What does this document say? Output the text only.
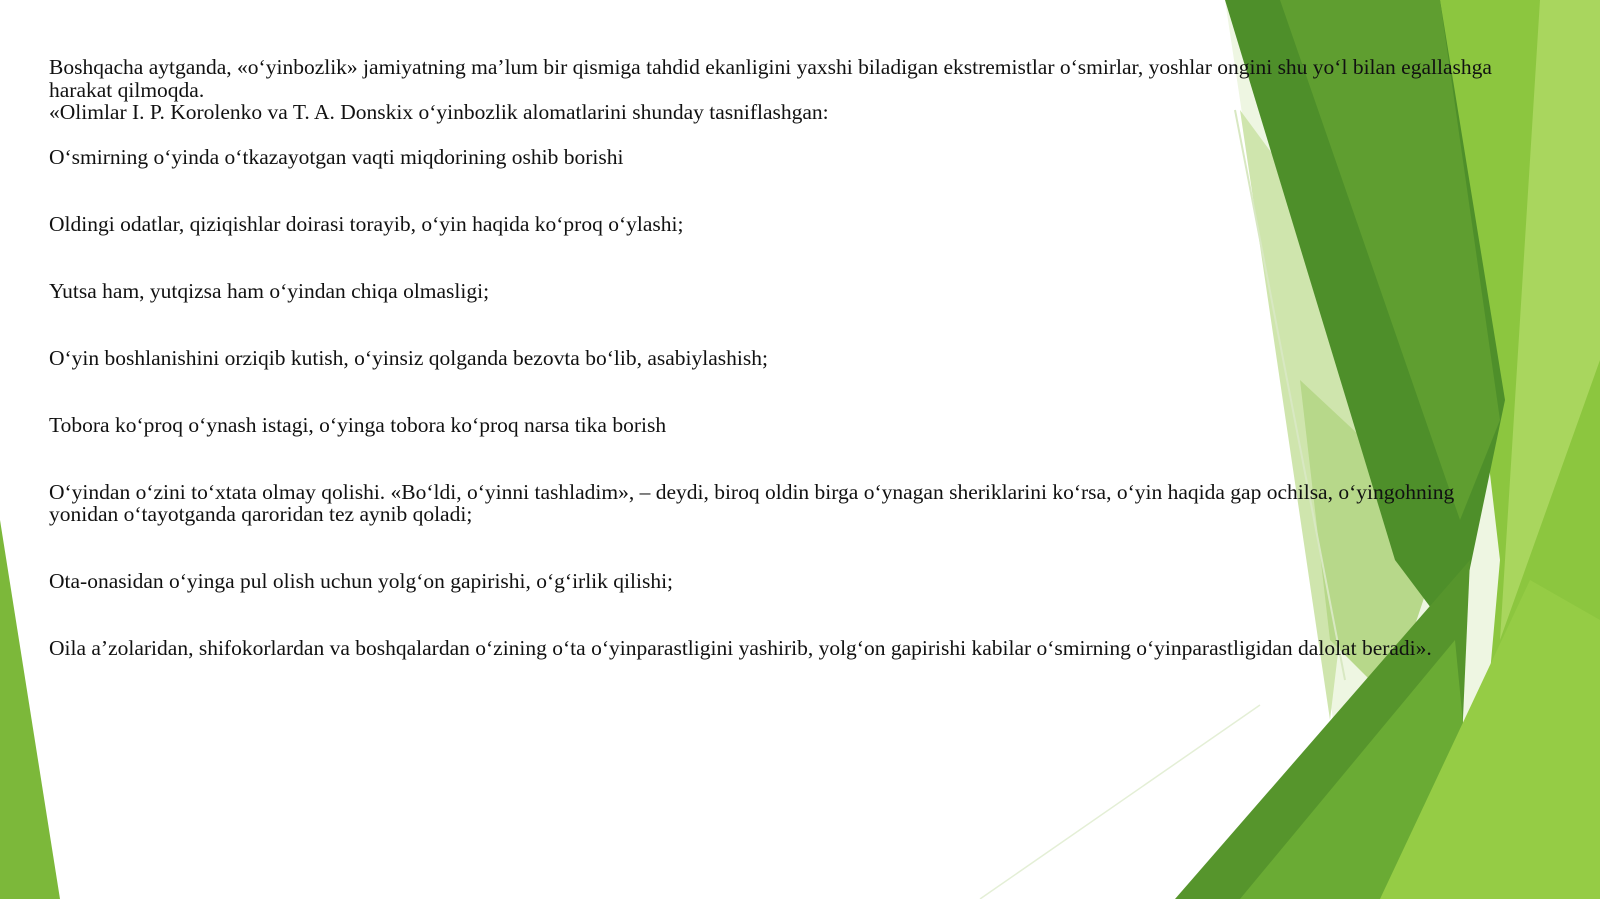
Boshqacha aytganda, «o‘yinbozlik» jamiyatning ma’lum bir qismiga tahdid ekanligini yaxshi biladigan ekstremistlar o‘smirlar, yoshlar ongini shu yo‘l bilan egallashga harakat qilmoqda.
«Olimlar I. P. Korolenko va T. A. Donskix o‘yinbozlik alomatlarini shunday tasniflashgan:

O‘smirning o‘yinda o‘tkazayotgan vaqti miqdorining oshib borishi
Oldingi odatlar, qiziqishlar doirasi torayib, o‘yin haqida ko‘proq o‘ylashi;
Yutsa ham, yutqizsa ham o‘yindan chiqa olmasligi;
O‘yin boshlanishini orziqib kutish, o‘yinsiz qolganda bezovta bo‘lib, asabiylashish;
Tobora ko‘proq o‘ynash istagi, o‘yinga tobora ko‘proq narsa tika borish
O‘yindan o‘zini to‘xtata olmay qolishi. «Bo‘ldi, o‘yinni tashladim», – deydi, biroq oldin birga o‘ynagan sheriklarini ko‘rsa, o‘yin haqida gap ochilsa, o‘yingohning yonidan o‘tayotganda qaroridan tez aynib qoladi;
Ota-onasidan o‘yinga pul olish uchun yolg‘on gapirishi, o‘g‘irlik qilishi;
Oila a’zolaridan, shifokorlardan va boshqalardan o‘zining o‘ta o‘yinparastligini yashirib, yolg‘on gapirishi kabilar o‘smirning o‘yinparastligidan dalolat beradi».
